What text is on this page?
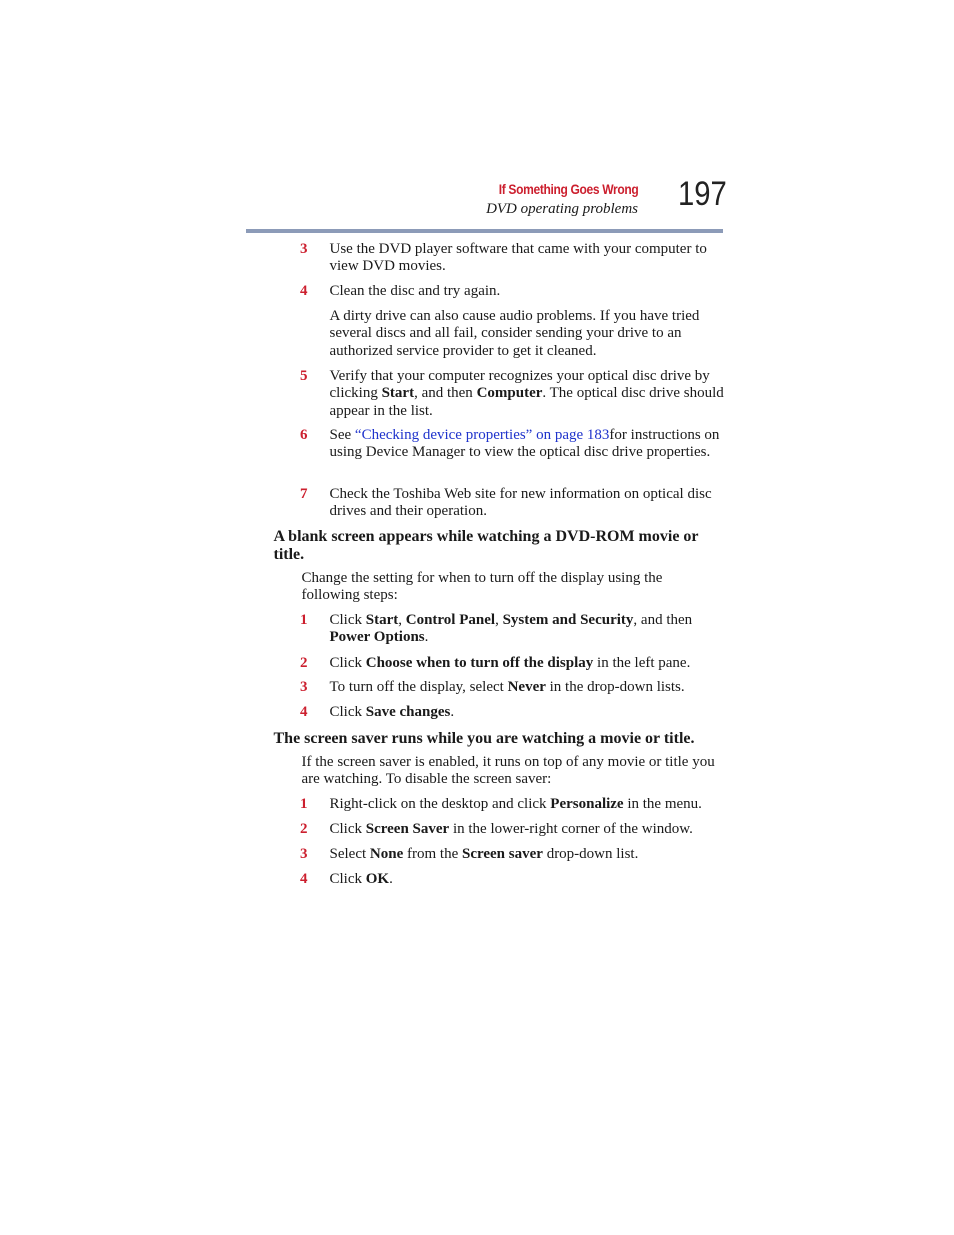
If Something Goes Wrong
DVD operating problems 197
3 Use the DVD player software that came with your computer to view DVD movies.
4 Clean the disc and try again.
A dirty drive can also cause audio problems. If you have tried several discs and all fail, consider sending your drive to an authorized service provider to get it cleaned.
5 Verify that your computer recognizes your optical disc drive by clicking Start, and then Computer. The optical disc drive should appear in the list.
6 See “Checking device properties” on page 183for instructions on using Device Manager to view the optical disc drive properties.
7 Check the Toshiba Web site for new information on optical disc drives and their operation.
A blank screen appears while watching a DVD-ROM movie or title.
Change the setting for when to turn off the display using the following steps:
1 Click Start, Control Panel, System and Security, and then Power Options.
2 Click Choose when to turn off the display in the left pane.
3 To turn off the display, select Never in the drop-down lists.
4 Click Save changes.
The screen saver runs while you are watching a movie or title.
If the screen saver is enabled, it runs on top of any movie or title you are watching. To disable the screen saver:
1 Right-click on the desktop and click Personalize in the menu.
2 Click Screen Saver in the lower-right corner of the window.
3 Select None from the Screen saver drop-down list.
4 Click OK.
